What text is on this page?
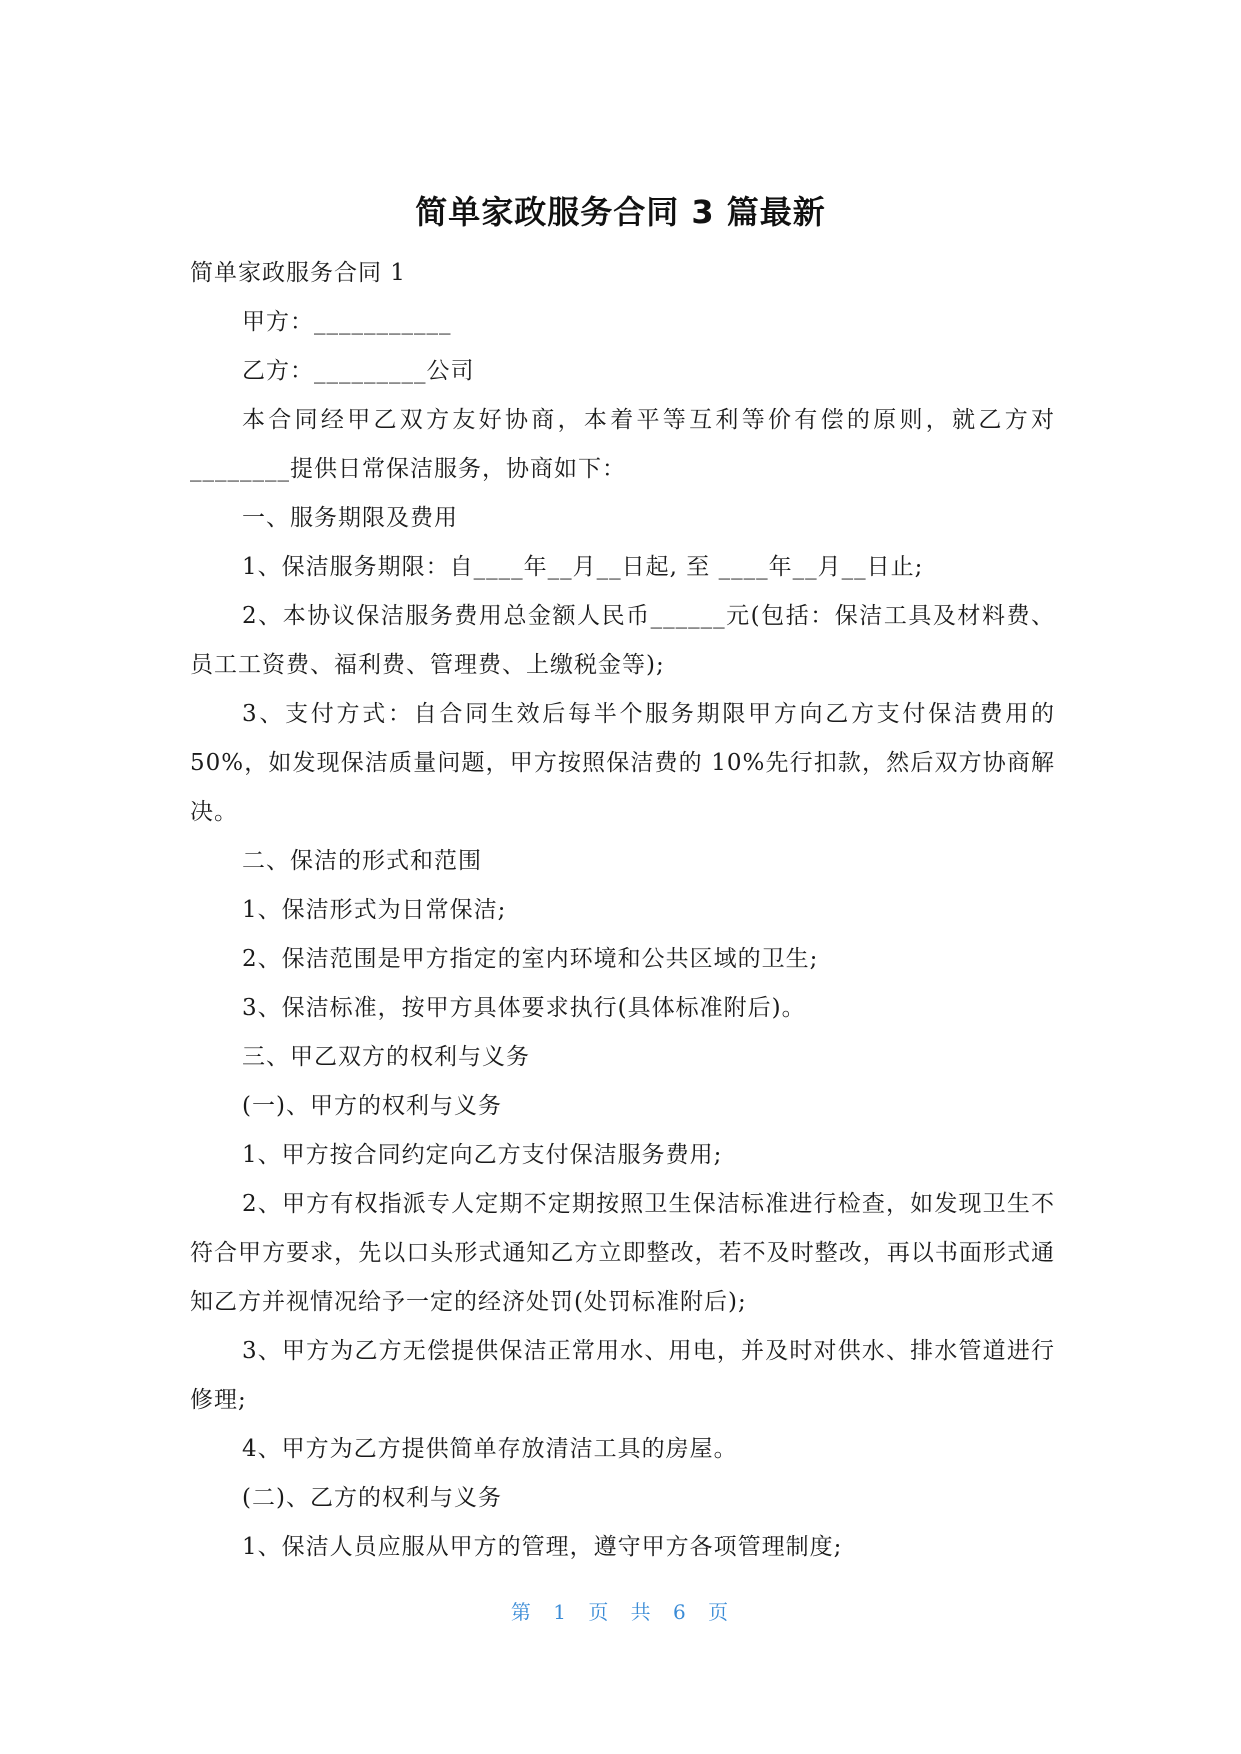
简单家政服务合同 3 篇最新

简单家政服务合同 1

甲方：___________

乙方：_________公司

本合同经甲乙双方友好协商，本着平等互利等价有偿的原则，就乙方对________提供日常保洁服务，协商如下：

一、服务期限及费用

1、保洁服务期限：自____年__月__日起, 至 ____年__月__日止;

2、本协议保洁服务费用总金额人民币______元(包括：保洁工具及材料费、员工工资费、福利费、管理费、上缴税金等);

3、支付方式：自合同生效后每半个服务期限甲方向乙方支付保洁费用的 50%，如发现保洁质量问题，甲方按照保洁费的 10%先行扣款，然后双方协商解决。

二、保洁的形式和范围

1、保洁形式为日常保洁;

2、保洁范围是甲方指定的室内环境和公共区域的卫生;

3、保洁标准，按甲方具体要求执行(具体标准附后)。

三、甲乙双方的权利与义务

(一)、甲方的权利与义务

1、甲方按合同约定向乙方支付保洁服务费用;

2、甲方有权指派专人定期不定期按照卫生保洁标准进行检查，如发现卫生不符合甲方要求，先以口头形式通知乙方立即整改，若不及时整改，再以书面形式通知乙方并视情况给予一定的经济处罚(处罚标准附后);

3、甲方为乙方无偿提供保洁正常用水、用电，并及时对供水、排水管道进行修理;

4、甲方为乙方提供简单存放清洁工具的房屋。

(二)、乙方的权利与义务

1、保洁人员应服从甲方的管理，遵守甲方各项管理制度;

第 1 页 共 6 页
